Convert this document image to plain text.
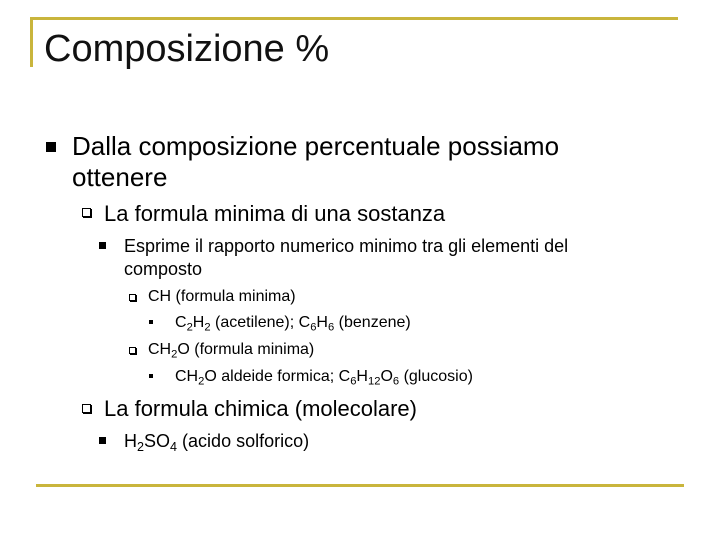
Composizione %
Dalla composizione percentuale possiamo
ottenere
La formula minima di una sostanza
Esprime il rapporto numerico minimo tra gli elementi del
composto
CH (formula minima)
$C_2H_2$ (acetilene); $C_6H_6$ (benzene)
$CH_2O$ (formula minima)
$CH_2O$ aldeide formica; $C_6H_{12}O_6$ (glucosio)
La formula chimica (molecolare)
$H_2SO_4$ (acido solforico)
